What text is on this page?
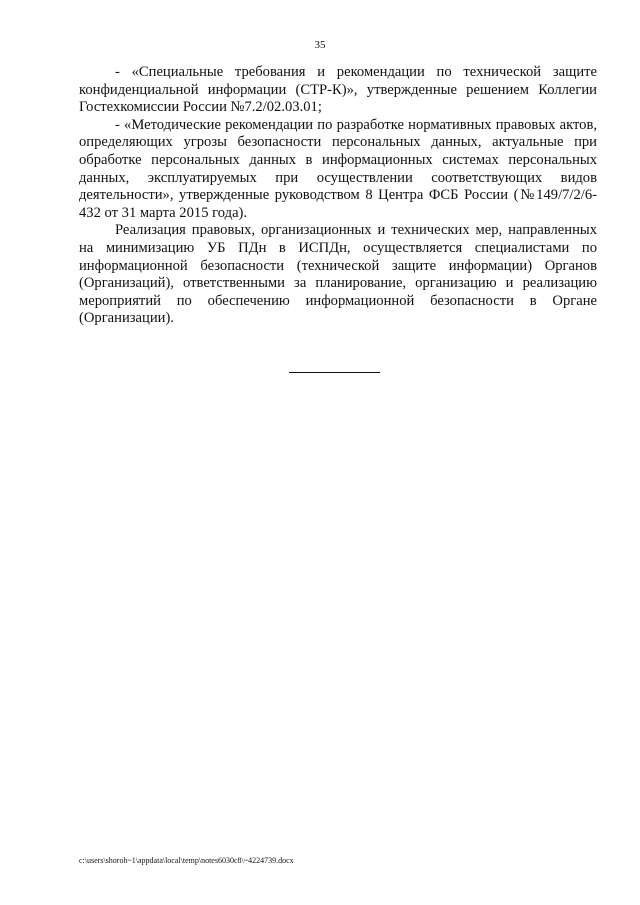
35

- «Специальные требования и рекомендации по технической защите конфиденциальной информации (СТР-К)», утвержденные решением Коллегии Гостехкомиссии России №7.2/02.03.01;

- «Методические рекомендации по разработке нормативных правовых актов, определяющих угрозы безопасности персональных данных, актуальные при обработке персональных данных в информационных системах персональных данных, эксплуатируемых при осуществлении соответствующих видов деятельности», утвержденные руководством 8 Центра ФСБ России (№149/7/2/6-432 от 31 марта 2015 года).

Реализация правовых, организационных и технических мер, направленных на минимизацию УБ ПДн в ИСПДн, осуществляется специалистами по информационной безопасности (технической защите информации) Органов (Организаций), ответственными за планирование, организацию и реализацию мероприятий по обеспечению информационной безопасности в Органе (Организации).

c:\users\shoroh~1\appdata\local\temp\notes6030c8\~4224739.docx
